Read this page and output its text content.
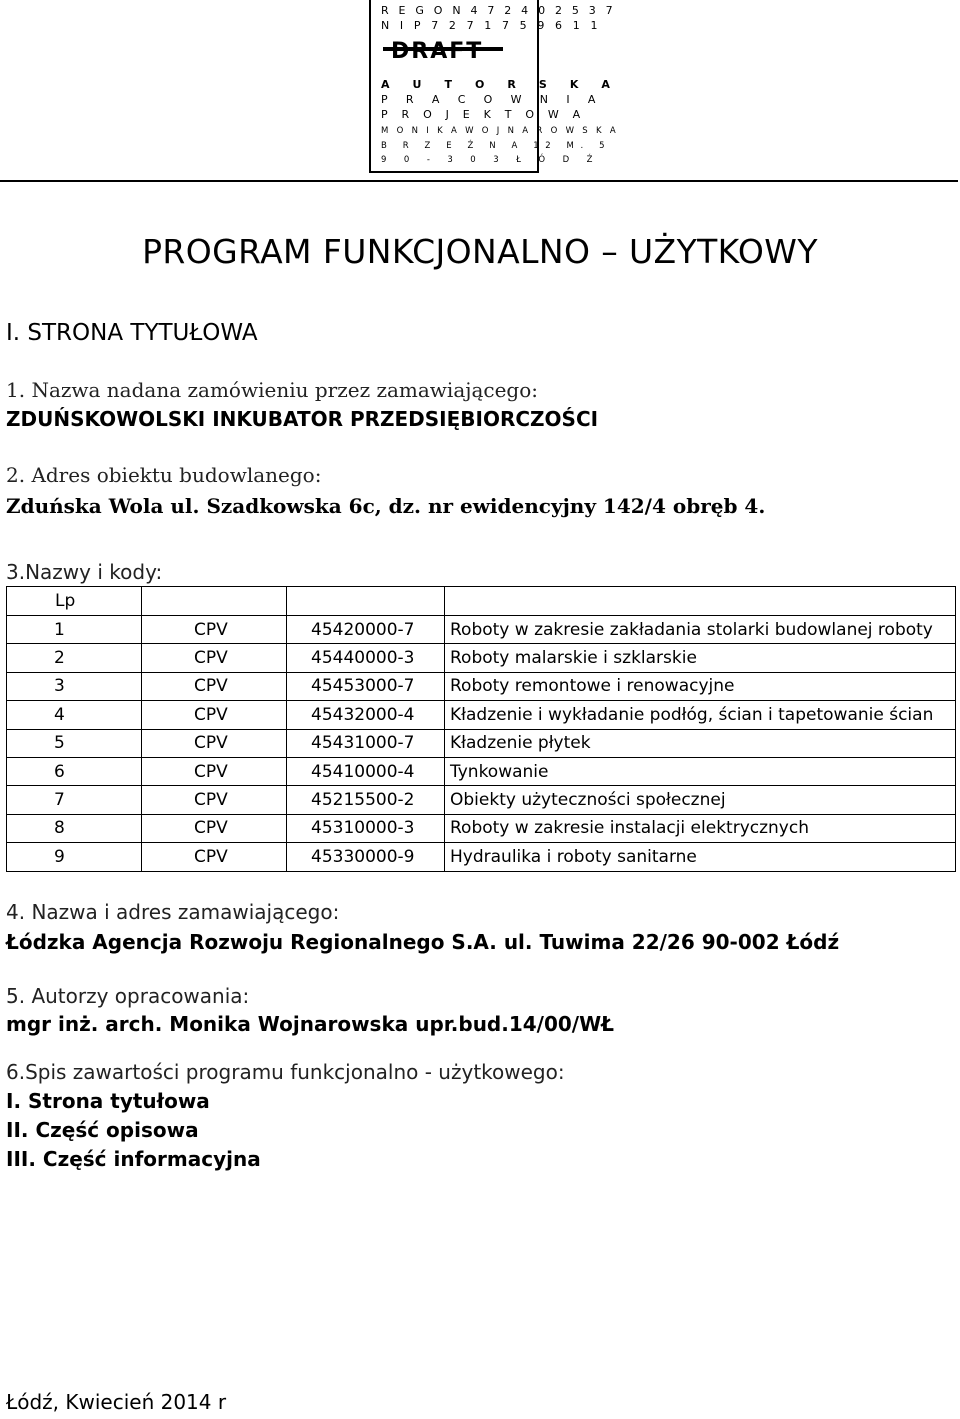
R E G O N 4 7 2 4 0 2 5 3 7
N I P 7 2 7 1 7 5 9 6 1 1
DRAFT
A U T O R S K A
P R A C O W N I A
P R O J E K T O W A
M O N I K A W O J N A R O W S K A
B R Z E Ź N A 12 M. 5
9 0 - 3 0 3 Ł Ó D Ź
PROGRAM FUNKCJONALNO – UŻYTKOWY
I. STRONA TYTUŁOWA
1. Nazwa nadana zamówieniu przez zamawiającego:
ZDUŃSKOWOLSKI INKUBATOR PRZEDSIĘBIORCZOŚCI
2. Adres obiektu budowlanego:
Zduńska Wola ul. Szadkowska 6c, dz. nr ewidencyjny 142/4 obręb 4.
3.Nazwy i kody:
Lp			
1	CPV	45420000-7	Roboty w zakresie zakładania stolarki budowlanej roboty
2	CPV	45440000-3	Roboty malarskie i szklarskie
3	CPV	45453000-7	Roboty remontowe i renowacyjne
4	CPV	45432000-4	Kładzenie i wykładanie podłóg, ścian i tapetowanie ścian
5	CPV	45431000-7	Kładzenie płytek
6	CPV	45410000-4	Tynkowanie
7	CPV	45215500-2	Obiekty użyteczności społecznej
8	CPV	45310000-3	Roboty w zakresie instalacji elektrycznych
9	CPV	45330000-9	Hydraulika i roboty sanitarne
4. Nazwa i adres zamawiającego:
Łódzka Agencja Rozwoju Regionalnego S.A. ul. Tuwima 22/26 90-002 Łódź
5. Autorzy opracowania:
mgr inż. arch. Monika Wojnarowska upr.bud.14/00/WŁ
6.Spis zawartości programu funkcjonalno - użytkowego:
I. Strona tytułowa
II. Część opisowa
III. Część informacyjna
Łódź, Kwiecień 2014 r
